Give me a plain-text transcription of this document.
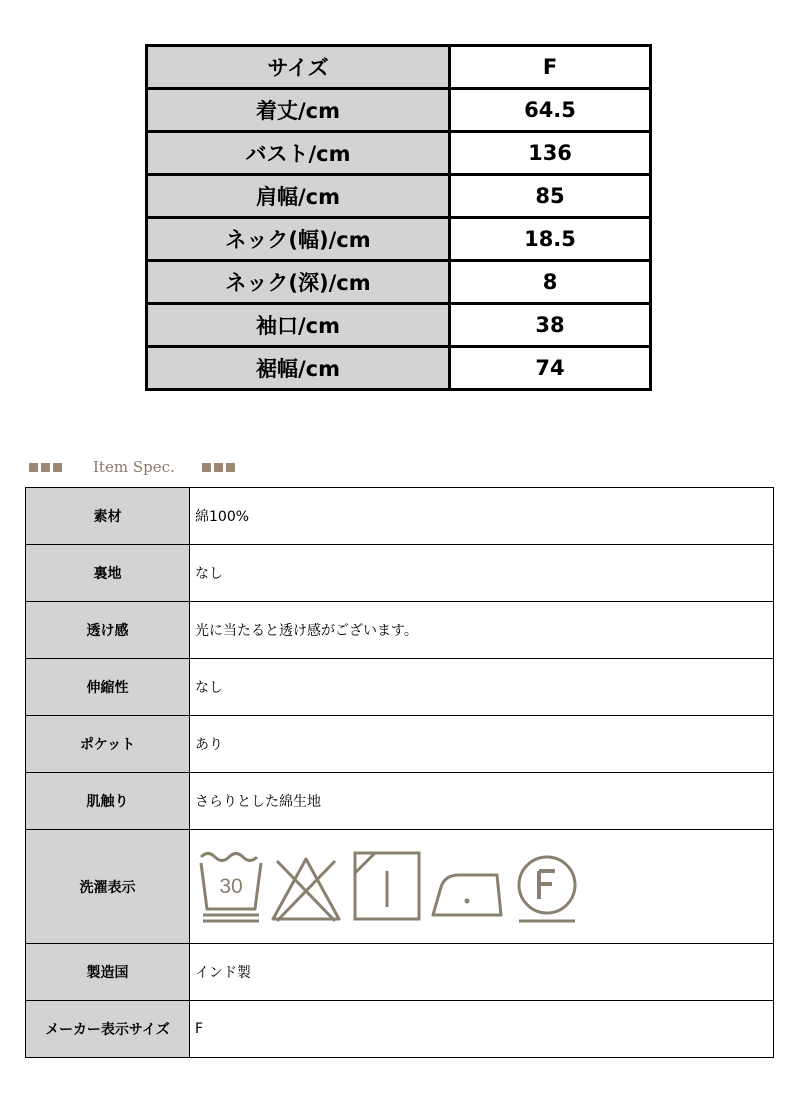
サイズ	F
着丈/cm	64.5
バスト/cm	136
肩幅/cm	85
ネック(幅)/cm	18.5
ネック(深)/cm	8
袖口/cm	38
裾幅/cm	74
Item Spec.
素材	綿100%
裏地	なし
透け感	光に当たると透け感がございます。
伸縮性	なし
ポケット	あり
肌触り	さらりとした綿生地
洗濯表示	30

製造国	インド製
メーカー表示サイズ	F
